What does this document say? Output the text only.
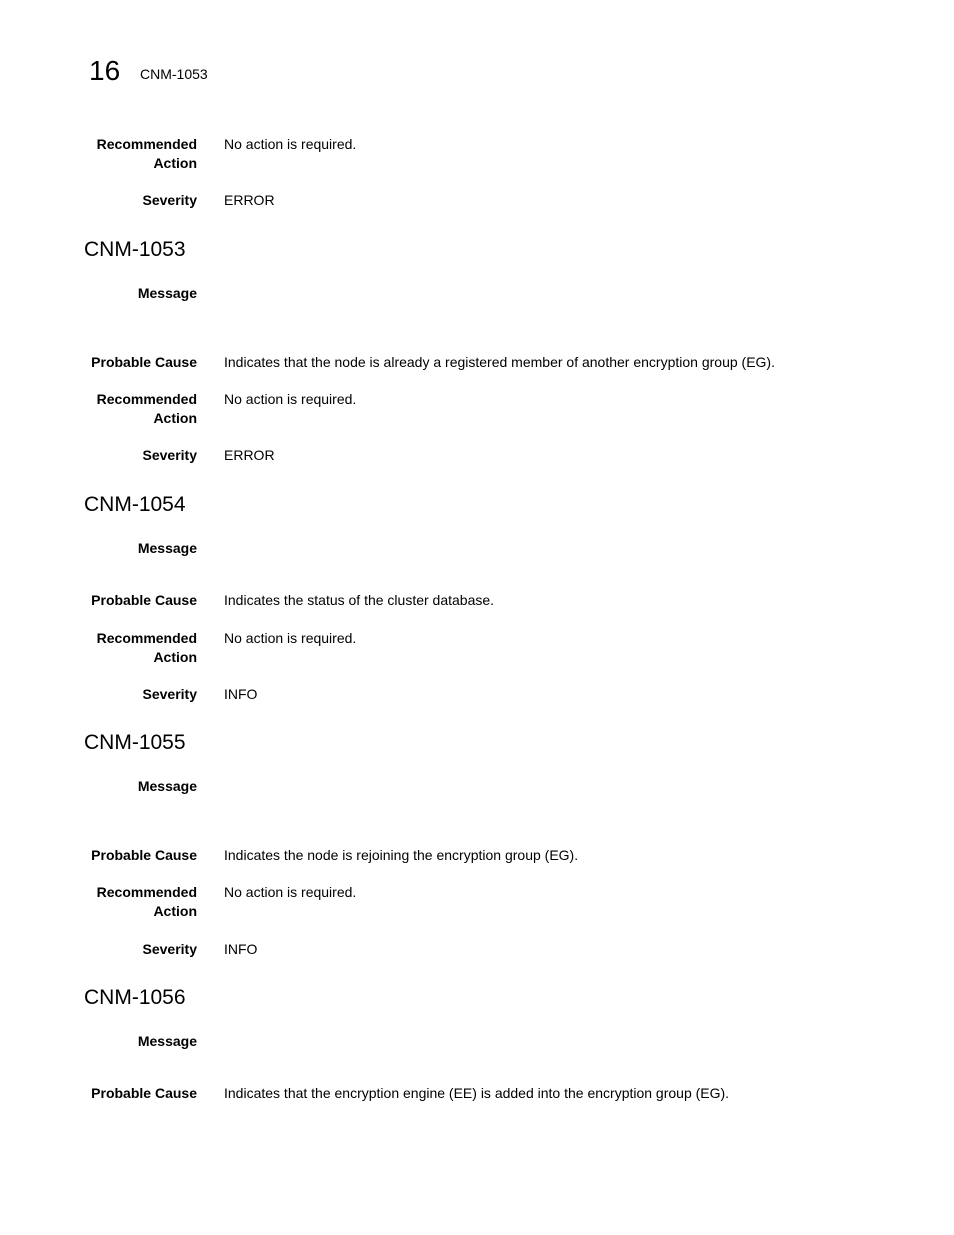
16 CNM-1053
Recommended Action
No action is required.
Severity ERROR
CNM-1053
Message
Probable Cause Indicates that the node is already a registered member of another encryption group (EG).
Recommended Action
No action is required.
Severity ERROR
CNM-1054
Message
Probable Cause Indicates the status of the cluster database.
Recommended Action
No action is required.
Severity INFO
CNM-1055
Message
Probable Cause Indicates the node is rejoining the encryption group (EG).
Recommended Action
No action is required.
Severity INFO
CNM-1056
Message
Probable Cause Indicates that the encryption engine (EE) is added into the encryption group (EG).
